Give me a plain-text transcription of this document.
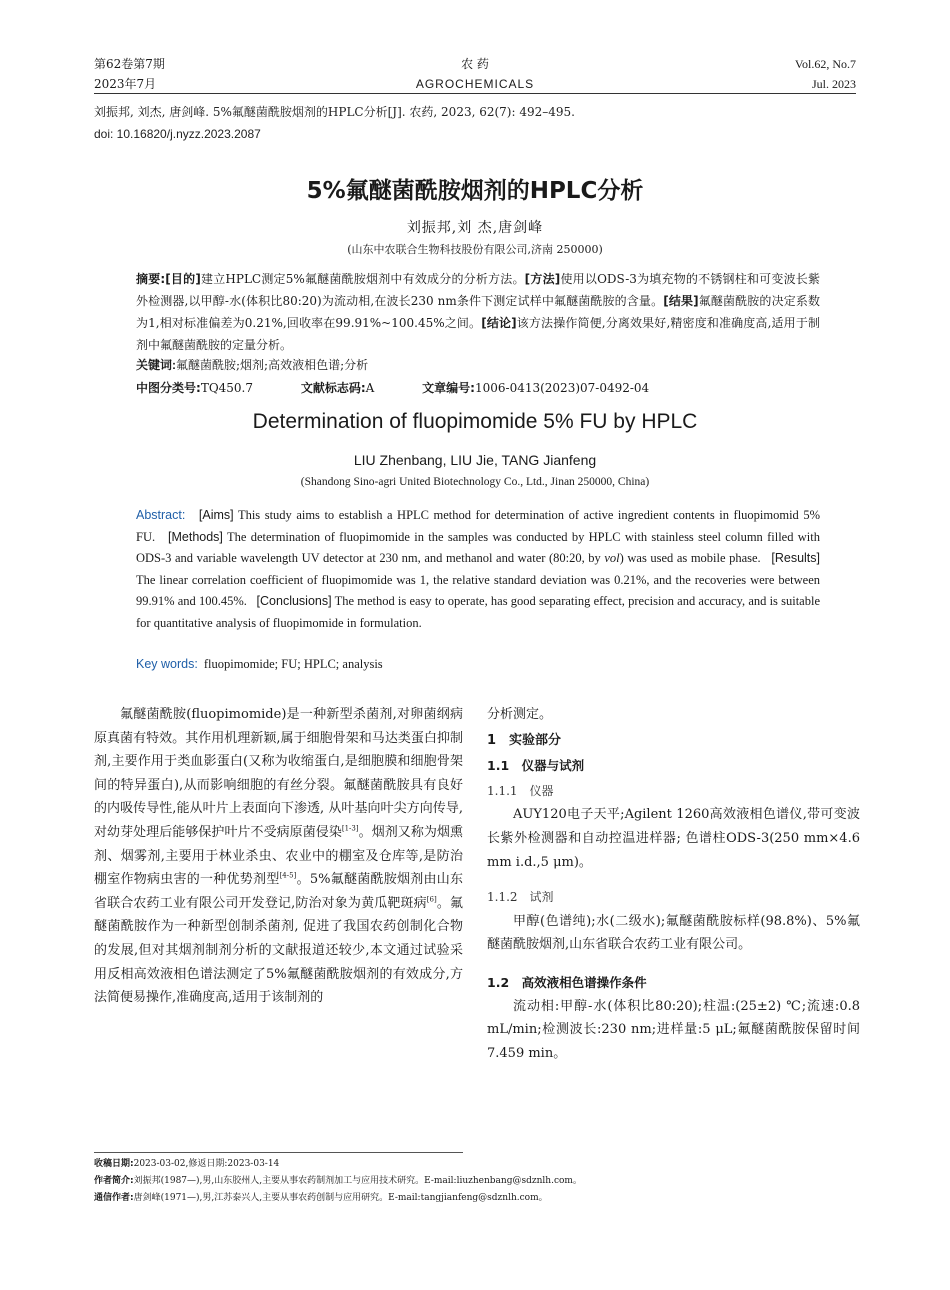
第62卷第7期
2023年7月
农 药
AGROCHEMICALS
Vol.62, No.7
Jul. 2023
刘振邦, 刘杰, 唐剑峰. 5%氟醚菌酰胺烟剂的HPLC分析[J]. 农药, 2023, 62(7): 492–495.
doi: 10.16820/j.nyzz.2023.2087
5%氟醚菌酰胺烟剂的HPLC分析
刘振邦,刘 杰,唐剑峰
(山东中农联合生物科技股份有限公司,济南 250000)
摘要:[目的]建立HPLC测定5%氟醚菌酰胺烟剂中有效成分的分析方法。[方法]使用以ODS-3为填充物的不锈钢柱和可变波长紫外检测器,以甲醇-水(体积比80:20)为流动相,在波长230 nm条件下测定试样中氟醚菌酰胺的含量。[结果]氟醚菌酰胺的决定系数为1,相对标准偏差为0.21%,回收率在99.91%~100.45%之间。[结论]该方法操作简便,分离效果好,精密度和准确度高,适用于制剂中氟醚菌酰胺的定量分析。
关键词:氟醚菌酰胺;烟剂;高效液相色谱;分析
中图分类号:TQ450.7	文献标志码:A	文章编号:1006-0413(2023)07-0492-04
Determination of fluopimomide 5% FU by HPLC
LIU Zhenbang, LIU Jie, TANG Jianfeng
(Shandong Sino-agri United Biotechnology Co., Ltd., Jinan 250000, China)
Abstract: [Aims] This study aims to establish a HPLC method for determination of active ingredient contents in fluopimomid 5% FU. [Methods] The determination of fluopimomide in the samples was conducted by HPLC with stainless steel column filled with ODS-3 and variable wavelength UV detector at 230 nm, and methanol and water (80:20, by vol) was used as mobile phase. [Results] The linear correlation coefficient of fluopimomide was 1, the relative standard deviation was 0.21%, and the recoveries were between 99.91% and 100.45%. [Conclusions] The method is easy to operate, has good separating effect, precision and accuracy, and is suitable for quantitative analysis of fluopimomide in formulation.
Key words: fluopimomide; FU; HPLC; analysis

氟醚菌酰胺(fluopimomide)是一种新型杀菌剂,对卵菌纲病原真菌有特效。其作用机理新颖,属于细胞骨架和马达类蛋白抑制剂,主要作用于类血影蛋白(又称为收缩蛋白,是细胞膜和细胞骨架间的特异蛋白),从而影响细胞的有丝分裂。氟醚菌酰胺具有良好的内吸传导性,能从叶片上表面向下渗透, 从叶基向叶尖方向传导,对幼芽处理后能够保护叶片不受病原菌侵染[1-3]。烟剂又称为烟熏剂、烟雾剂,主要用于林业杀虫、农业中的棚室及仓库等,是防治棚室作物病虫害的一种优势剂型[4-5]。5%氟醚菌酰胺烟剂由山东省联合农药工业有限公司开发登记,防治对象为黄瓜靶斑病[6]。氟醚菌酰胺作为一种新型创制杀菌剂, 促进了我国农药创制化合物的发展,但对其烟剂制剂分析的文献报道还较少,本文通过试验采用反相高效液相色谱法测定了5%氟醚菌酰胺烟剂的有效成分,方法简便易操作,准确度高,适用于该制剂的

分析测定。

1　实验部分

1.1　仪器与试剂

1.1.1　仪器

AUY120电子天平;Agilent 1260高效液相色谱仪,带可变波长紫外检测器和自动控温进样器; 色谱柱ODS-3(250 mm×4.6 mm i.d.,5 μm)。

1.1.2　试剂

甲醇(色谱纯);水(二级水);氟醚菌酰胺标样(98.8%)、5%氟醚菌酰胺烟剂,山东省联合农药工业有限公司。

1.2　高效液相色谱操作条件

流动相:甲醇-水(体积比80:20);柱温:(25±2) ℃;流速:0.8 mL/min;检测波长:230 nm;进样量:5 μL;氟醚菌酰胺保留时间7.459 min。

收稿日期:2023-03-02,修返日期:2023-03-14
作者简介:刘振邦(1987—),男,山东胶州人,主要从事农药制剂加工与应用技术研究。E-mail:liuzhenbang@sdznlh.com。
通信作者:唐剑峰(1971—),男,江苏泰兴人,主要从事农药创制与应用研究。E-mail:tangjianfeng@sdznlh.com。
